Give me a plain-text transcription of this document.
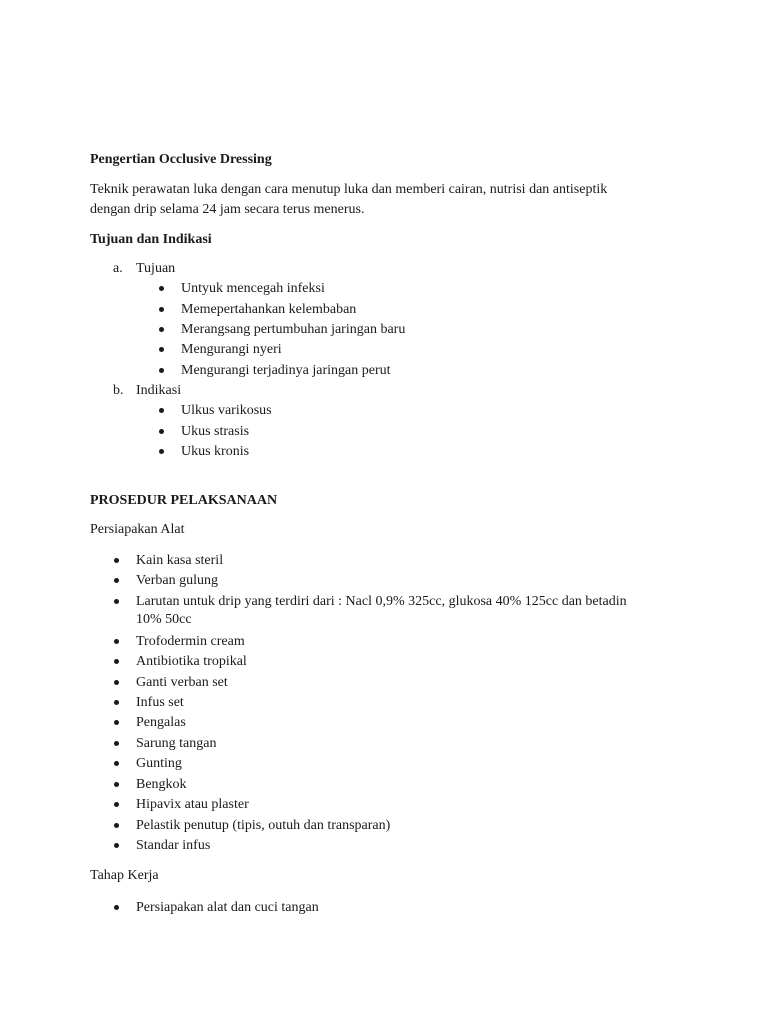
Pengertian Occlusive Dressing
Teknik perawatan luka dengan cara menutup luka dan memberi cairan, nutrisi dan antiseptik
dengan drip selama 24 jam secara terus menerus.
Tujuan dan Indikasi
a. Tujuan
Untyuk mencegah infeksi
Memepertahankan kelembaban
Merangsang pertumbuhan jaringan baru
Mengurangi nyeri
Mengurangi terjadinya jaringan perut
b. Indikasi
Ulkus varikosus
Ukus strasis
Ukus kronis
PROSEDUR PELAKSANAAN
Persiapakan Alat
Kain kasa steril
Verban gulung
Larutan untuk drip yang terdiri dari : Nacl 0,9% 325cc, glukosa 40% 125cc dan betadin
10% 50cc
Trofodermin cream
Antibiotika tropikal
Ganti verban set
Infus set
Pengalas
Sarung tangan
Gunting
Bengkok
Hipavix atau plaster
Pelastik penutup (tipis, outuh dan transparan)
Standar infus
Tahap Kerja
Persiapakan alat dan cuci tangan
